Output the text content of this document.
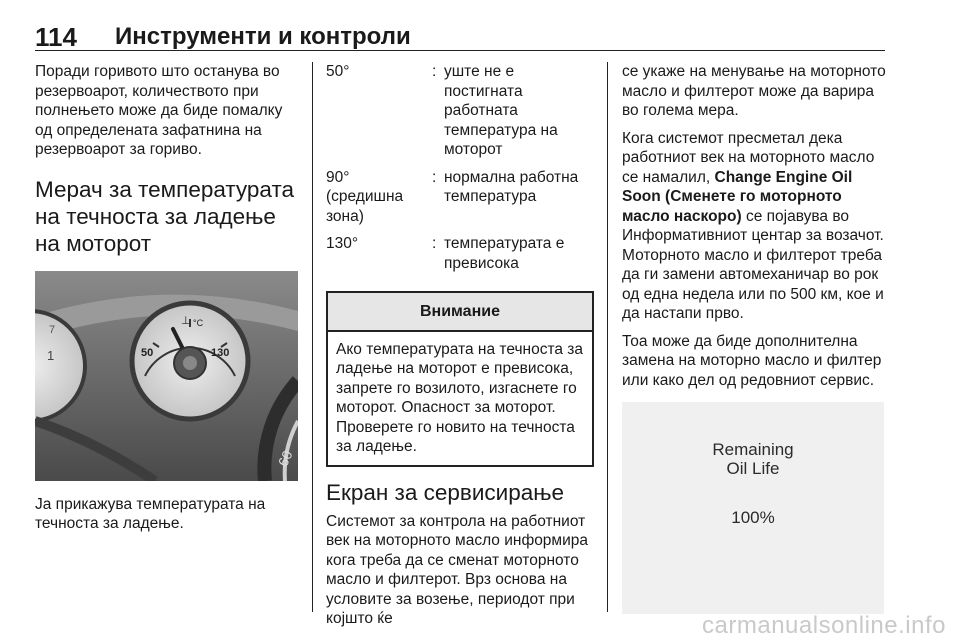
114 Инструменти и контроли

Поради горивото што останува во резервоарот, количеството при полнењето може да биде помалку од определената зафатнина на резервоарот за гориво.

Мерач за температурата на течноста за ладење на моторот
50	130
⊥ °C
1
60
7

Ја прикажува температурата на течноста за ладење.

50°	:	уште не е постигната работната температура на моторот
90° (средишна зона)	:	нормална работна температура
130°	:	температурата е превисока
Внимание
Ако температурата на течноста за ладење на моторот е превисока, запрете го возилото, изгаснете го моторот. Опасност за моторот. Проверете го новито на течноста за ладење.
Екран за сервисирање

Системот за контрола на работниот век на моторното масло информира кога треба да се сменат моторното масло и филтерот. Врз основа на условите за возење, периодот при којшто ќе

се укаже на менувањe на моторното масло и филтерот може да варира во голема мера.

Кога системот пресметал дека работниот век на моторното масло се намалил, Change Engine Oil Soon (Сменете го моторното масло наскоро) се појавува во Информативниот центар за возачот. Моторното масло и филтерот треба да ги замени автомеханичар во рок од една недела или по 500 км, кое и да настапи прво.

Тоа може да биде дополнителна замена на моторно масло и филтер или како дел од редовниот сервис.

Remaining
Oil Life
100%
carmanualsonline.info
